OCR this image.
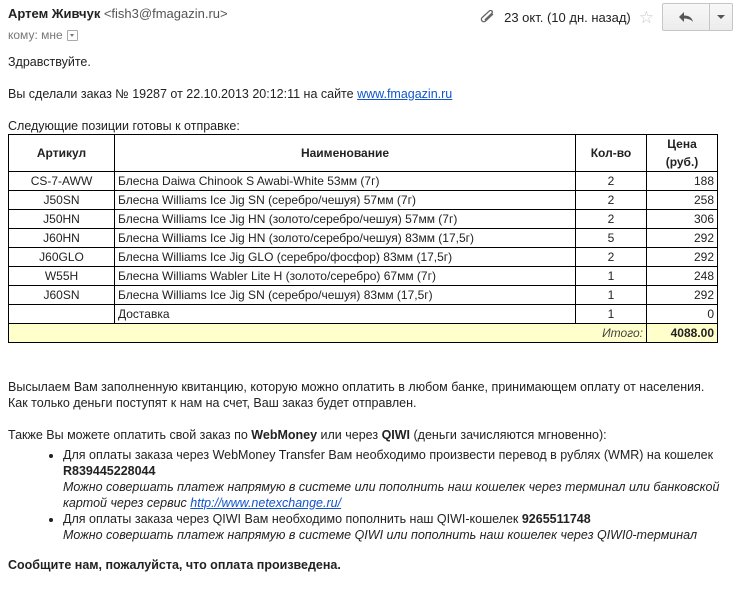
Артем Живчук <fish3@fmagazin.ru>
кому: мне
23 окт. (10 дн. назад) ☆

Здравствуйте.

Вы сделали заказ № 19287 от 22.10.2013 20:12:11 на сайте www.fmagazin.ru

Следующие позиции готовы к отправке:

Артикул	Наименование	Кол-во	Цена (руб.)
CS-7-AWW	Блесна Daiwa Chinook S Awabi-White 53мм (7г)	2	188
J50SN	Блесна Williams Ice Jig SN (серебро/чешуя) 57мм (7г)	2	258
J50HN	Блесна Williams Ice Jig HN (золото/серебро/чешуя) 57мм (7г)	2	306
J60HN	Блесна Williams Ice Jig HN (золото/серебро/чешуя) 83мм (17,5г)	5	292
J60GLO	Блесна Williams Ice Jig GLO (серебро/фосфор) 83мм (17,5г)	2	292
W55H	Блесна Williams Wabler Lite H (золото/серебро) 67мм (7г)	1	248
J60SN	Блесна Williams Ice Jig SN (серебро/чешуя) 83мм (17,5г)	1	292
	Доставка	1	0
Итого:			4088.00

Высылаем Вам заполненную квитанцию, которую можно оплатить в любом банке, принимающем оплату от населения.

Как только деньги поступят к нам на счет, Ваш заказ будет отправлен.

Также Вы можете оплатить свой заказ по WebMoney или через QIWI (деньги зачисляются мгновенно):

• Для оплаты заказа через WebMoney Transfer Вам необходимо произвести перевод в рублях (WMR) на кошелек R839445228044
Можно совершать платеж напрямую в системе или пополнить наш кошелек через терминал или банковской картой через сервис http://www.netexchange.ru/
• Для оплаты заказа через QIWI Вам необходимо пополнить наш QIWI-кошелек 9265511748
Можно совершать платеж напрямую в системе QIWI или пополнить наш кошелек через QIWI0-терминал

Сообщите нам, пожалуйста, что оплата произведена.
